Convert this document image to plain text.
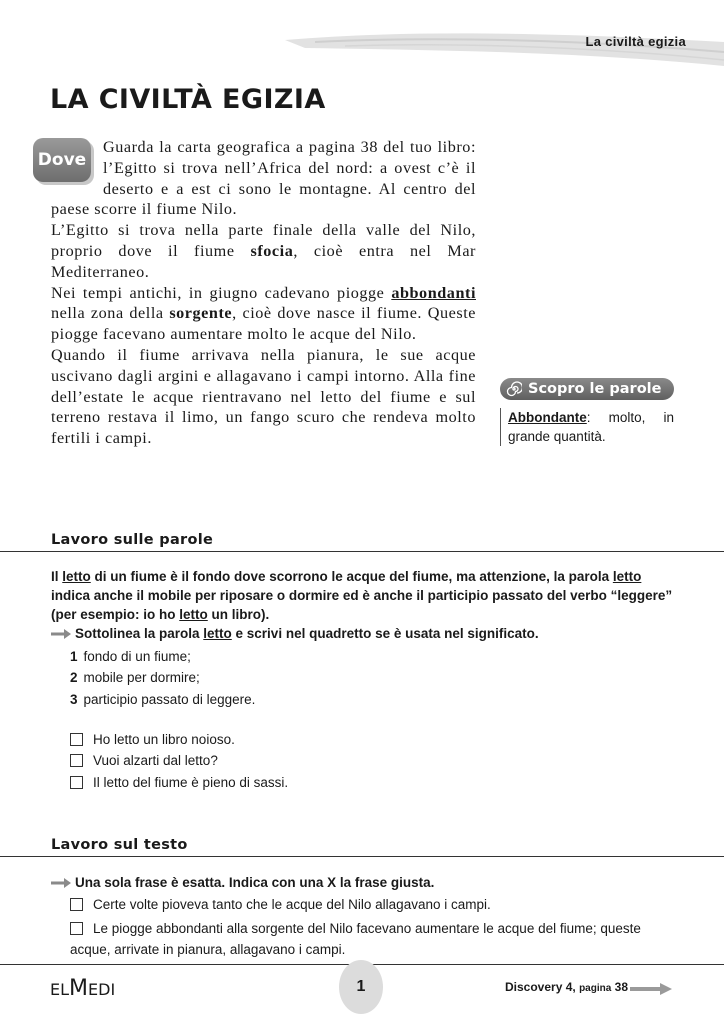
La civiltà egizia
LA CIVILTÀ EGIZIA
Dove

Guarda la carta geografica a pagina 38 del tuo libro: l’Egitto si trova nell’Africa del nord: a ovest c’è il deserto e a est ci sono le montagne. Al centro del paese scorre il fiume Nilo.

L’Egitto si trova nella parte finale della valle del Nilo, proprio dove il fiume sfocia, cioè entra nel Mar Mediterraneo.

Nei tempi antichi, in giugno cadevano piogge abbondanti nella zona della sorgente, cioè dove nasce il fiume. Queste piogge facevano aumentare molto le acque del Nilo.

Quando il fiume arrivava nella pianura, le sue acque uscivano dagli argini e allagavano i campi intorno. Alla fine dell’estate le acque rientravano nel letto del fiume e sul terreno restava il limo, un fango scuro che rendeva molto fertili i campi.

Scopro le parole
Abbondante: molto, in grande quantità.
Lavoro sulle parole

Il letto di un fiume è il fondo dove scorrono le acque del fiume, ma attenzione, la parola letto indica anche il mobile per riposare o dormire ed è anche il participio passato del verbo “leggere” (per esempio: io ho letto un libro).

Sottolinea la parola letto e scrivi nel quadretto se è usata nel significato.
1 fondo di un fiume;
2 mobile per dormire;
3 participio passato di leggere.
Ho letto un libro noioso.
Vuoi alzarti dal letto?
Il letto del fiume è pieno di sassi.
Lavoro sul testo
Una sola frase è esatta. Indica con una X la frase giusta.
Certe volte pioveva tanto che le acque del Nilo allagavano i campi.
Le piogge abbondanti alla sorgente del Nilo facevano aumentare le acque del fiume; queste acque, arrivate in pianura, allagavano i campi.
ELMEDI	1	Discovery 4, pagina 38
